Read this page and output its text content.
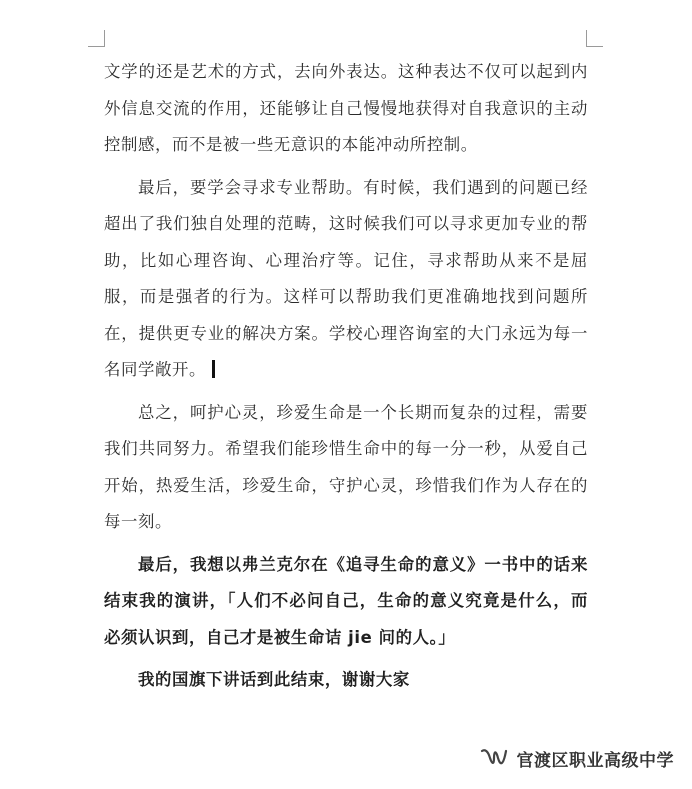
文学的还是艺术的方式，去向外表达。这种表达不仅可以起到内外信息交流的作用，还能够让自己慢慢地获得对自我意识的主动控制感，而不是被一些无意识的本能冲动所控制。

最后，要学会寻求专业帮助。有时候，我们遇到的问题已经超出了我们独自处理的范畴，这时候我们可以寻求更加专业的帮助，比如心理咨询、心理治疗等。记住，寻求帮助从来不是屈服，而是强者的行为。这样可以帮助我们更准确地找到问题所在，提供更专业的解决方案。学校心理咨询室的大门永远为每一名同学敞开。

总之，呵护心灵，珍爱生命是一个长期而复杂的过程，需要我们共同努力。希望我们能珍惜生命中的每一分一秒，从爱自己开始，热爱生活，珍爱生命，守护心灵，珍惜我们作为人存在的每一刻。

最后，我想以弗兰克尔在《追寻生命的意义》一书中的话来结束我的演讲，「人们不必问自己，生命的意义究竟是什么，而必须认识到，自己才是被生命诘 jie 问的人。」

我的国旗下讲话到此结束，谢谢大家

官渡区职业高级中学
